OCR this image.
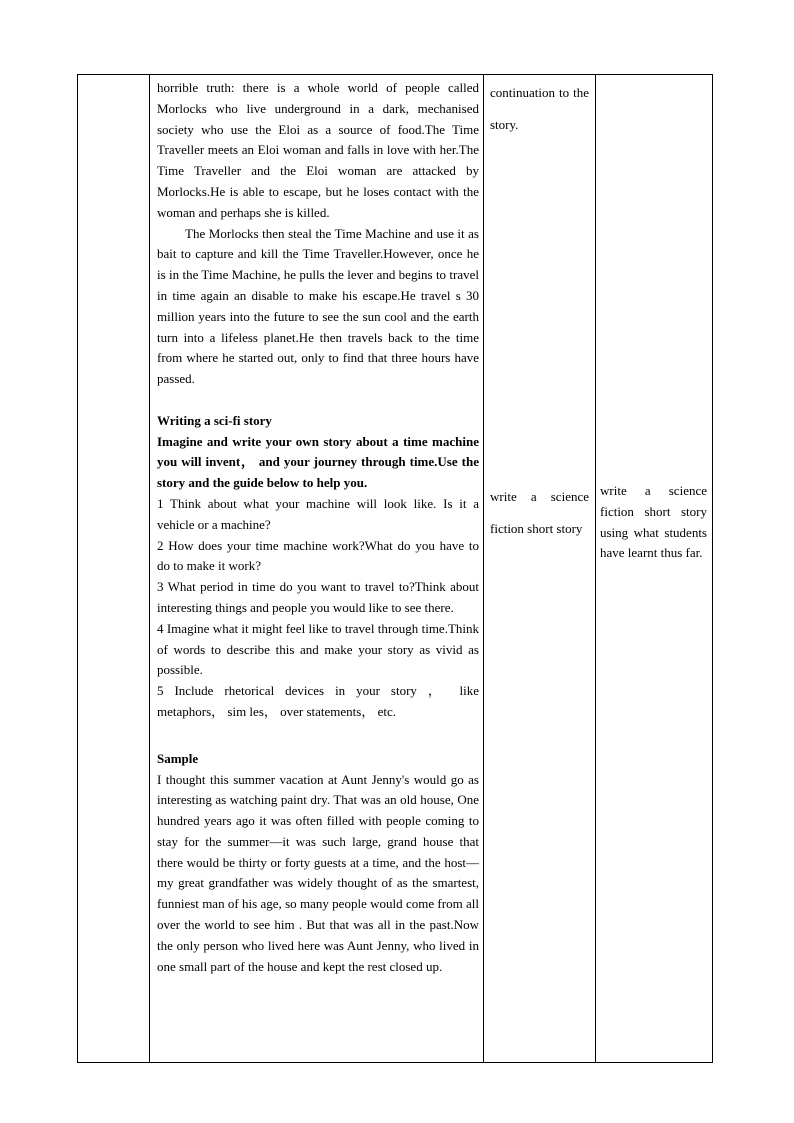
horrible truth: there is a whole world of people called Morlocks who live underground in a dark, mechanised society who use the Eloi as a source of food.The Time Traveller meets an Eloi woman and falls in love with her.The Time Traveller and the Eloi woman are attacked by Morlocks.He is able to escape, but he loses contact with the woman and perhaps she is killed.

The Morlocks then steal the Time Machine and use it as bait to capture and kill the Time Traveller.However, once he is in the Time Machine, he pulls the lever and begins to travel in time again an disable to make his escape.He travel s 30 million years into the future to see the sun cool and the earth turn into a lifeless planet.He then travels back to the time from where he started out, only to find that three hours have passed.

Writing a sci-fi story

Imagine and write your own story about a time machine you will invent， and your journey through time.Use the story and the guide below to help you.

1 Think about what your machine will look like. Is it a vehicle or a machine?

2 How does your time machine work?What do you have to do to make it work?

3 What period in time do you want to travel to?Think about interesting things and people you would like to see there.

4 Imagine what it might feel like to travel through time.Think of words to describe this and make your story as vivid as possible.

5 Include rhetorical devices in your story ， like metaphors， sim les， over statements， etc.

Sample

I thought this summer vacation at Aunt Jenny's would go as interesting as watching paint dry. That was an old house, One hundred years ago it was often filled with people coming to stay for the summer—it was such large, grand house that there would be thirty or forty guests at a time, and the host—my great grandfather was widely thought of as the smartest, funniest man of his age, so many people would come from all over the world to see him . But that was all in the past.Now the only person who lived here was Aunt Jenny, who lived in one small part of the house and kept the rest closed up.

continuation to the story.

write a science fiction short story

write a science fiction short story using what students have learnt thus far.
